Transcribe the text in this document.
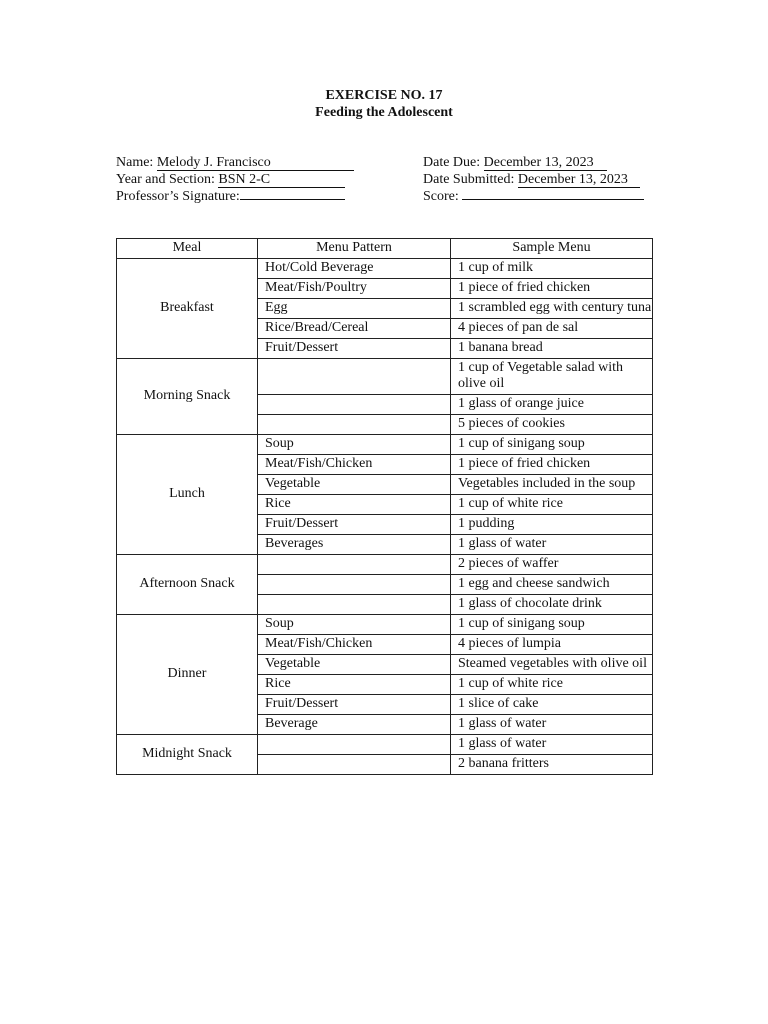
EXERCISE NO. 17
Feeding the Adolescent
Name: Melody J. Francisco
Year and Section: BSN 2-C
Professor’s Signature:
Date Due: December 13, 2023
Date Submitted: December 13, 2023
Score:
Meal	Menu Pattern	Sample Menu
Breakfast	Hot/Cold Beverage	1 cup of milk
	Meat/Fish/Poultry	1 piece of fried chicken
	Egg	1 scrambled egg with century tuna
	Rice/Bread/Cereal	4 pieces of pan de sal
	Fruit/Dessert	1 banana bread
Morning Snack		1 cup of Vegetable salad with olive oil
		1 glass of orange juice
		5 pieces of cookies
Lunch	Soup	1 cup of sinigang soup
	Meat/Fish/Chicken	1 piece of fried chicken
	Vegetable	Vegetables included in the soup
	Rice	1 cup of white rice
	Fruit/Dessert	1 pudding
	Beverages	1 glass of water
Afternoon Snack		2 pieces of waffer
		1 egg and cheese sandwich
		1 glass of chocolate drink
Dinner	Soup	1 cup of sinigang soup
	Meat/Fish/Chicken	4 pieces of lumpia
	Vegetable	Steamed vegetables with olive oil
	Rice	1 cup of white rice
	Fruit/Dessert	1 slice of cake
	Beverage	1 glass of water
Midnight Snack		1 glass of water
		2 banana fritters
